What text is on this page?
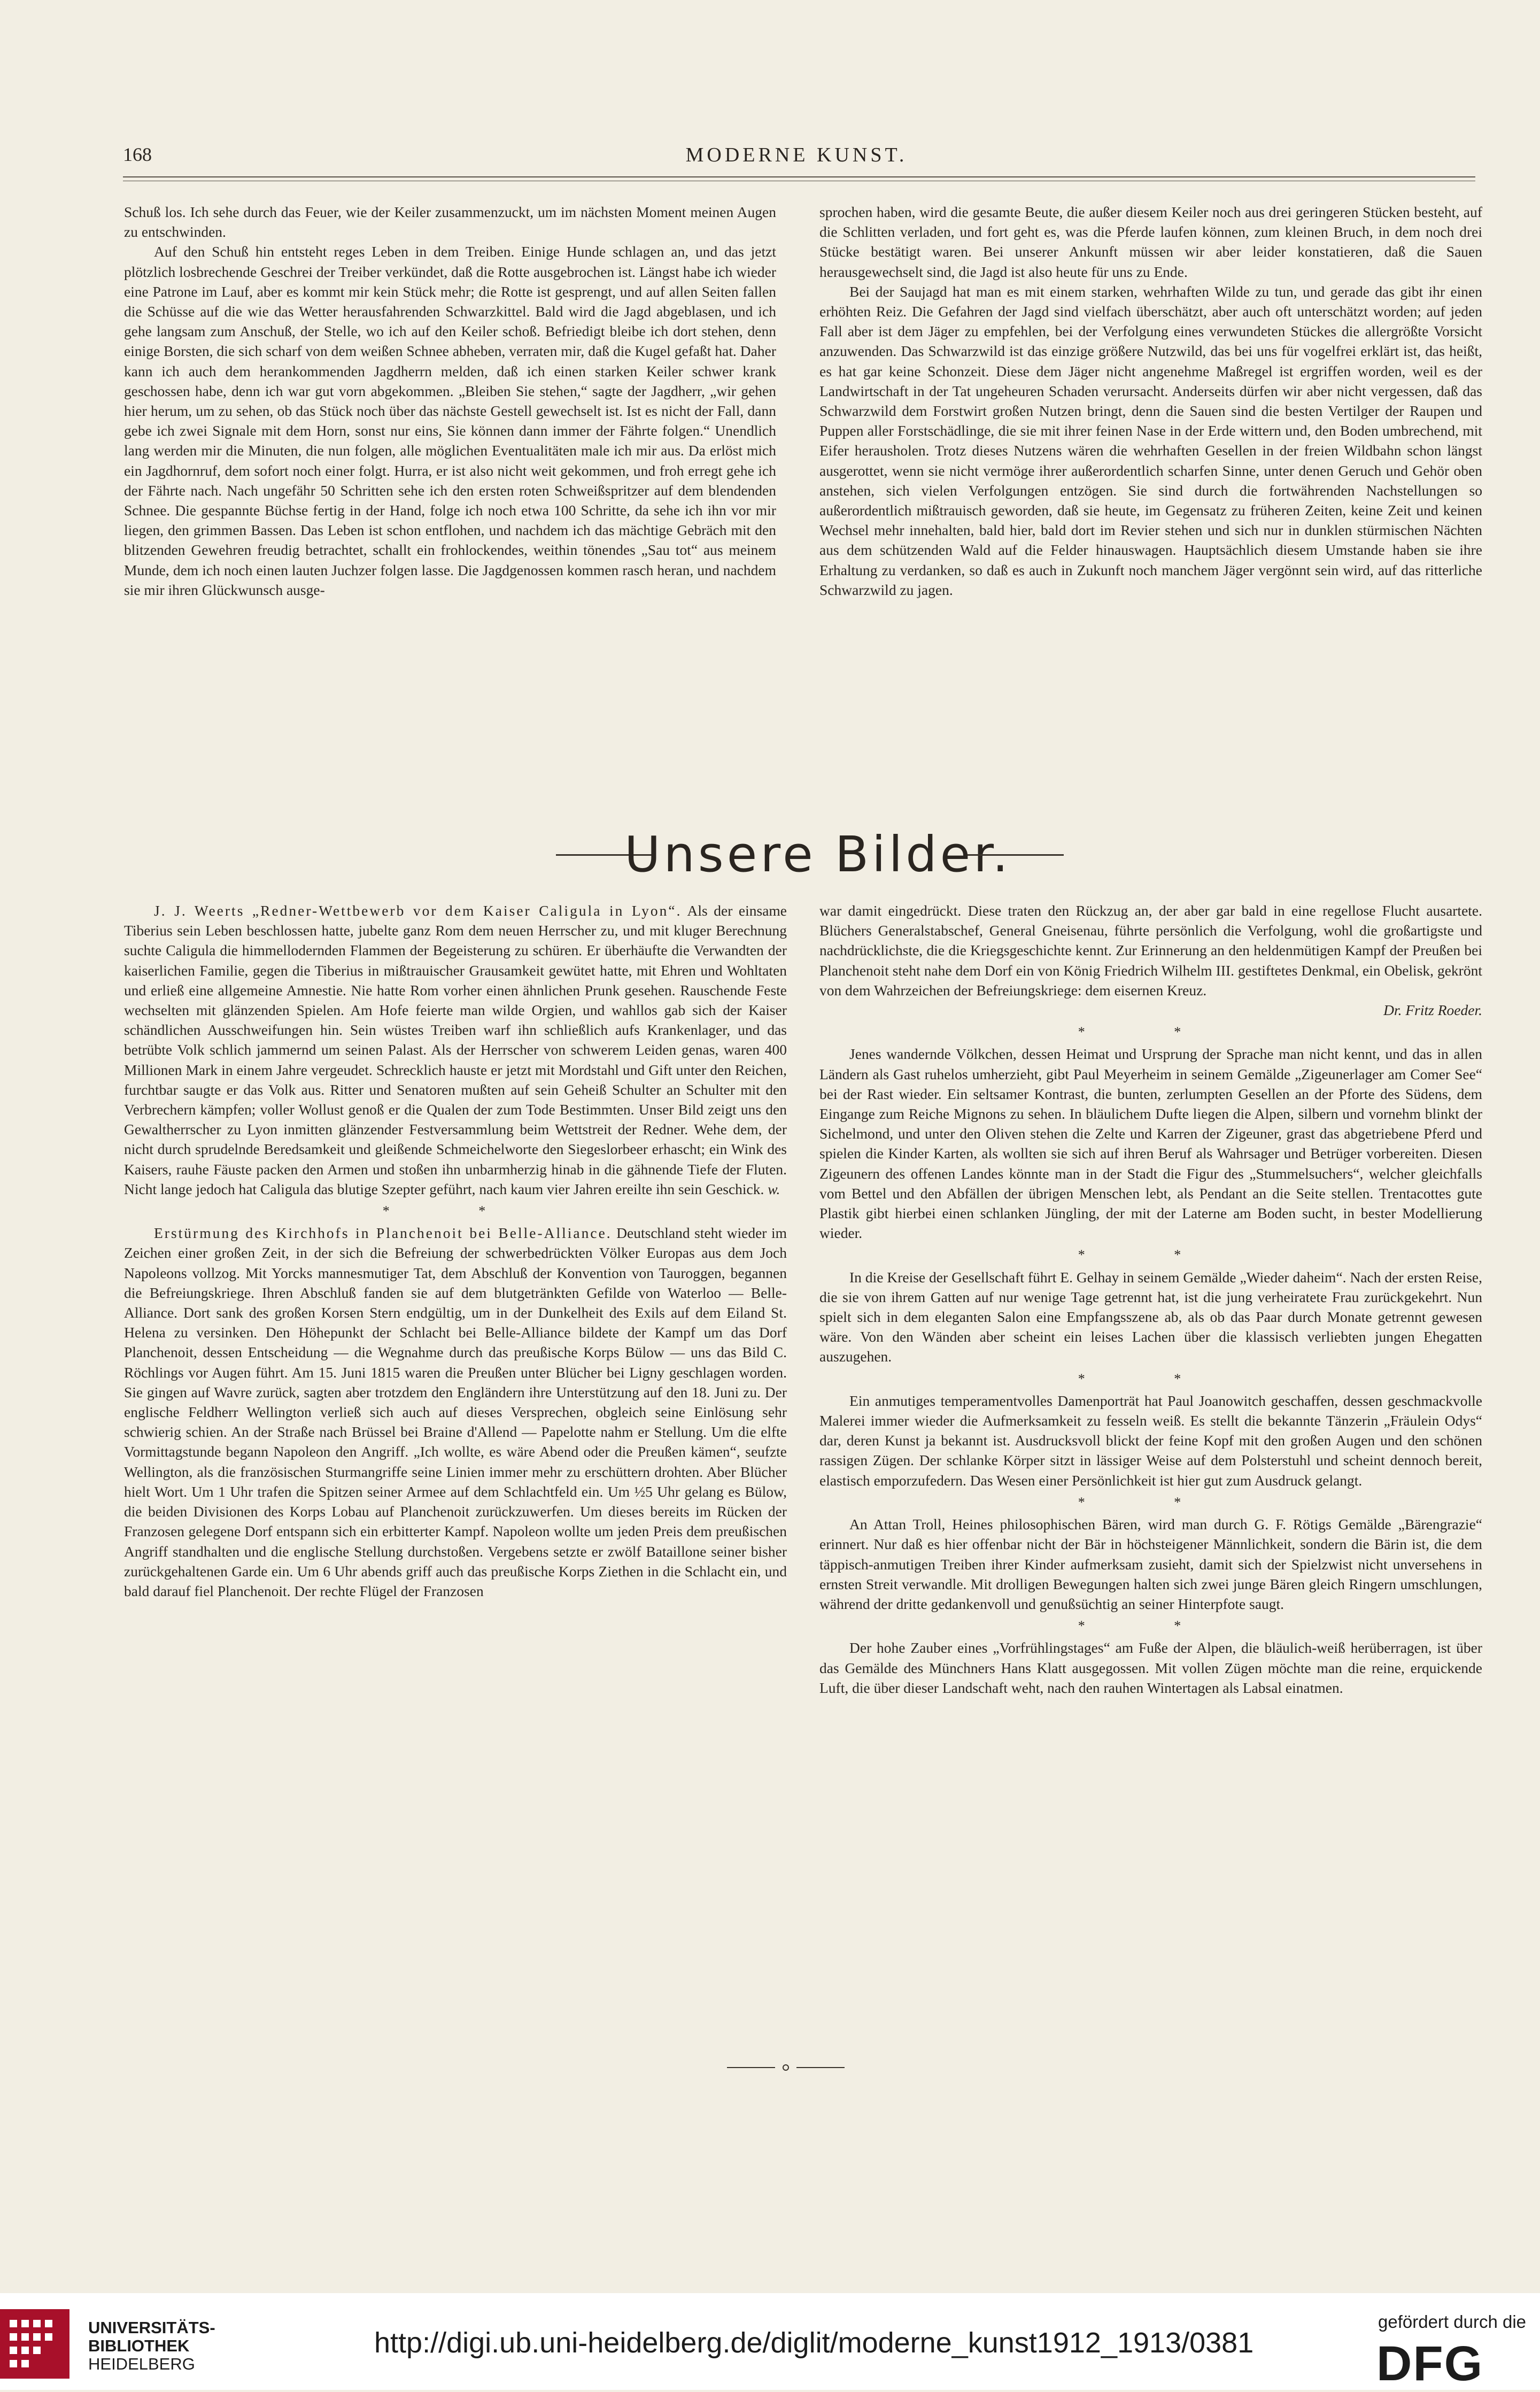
168	MODERNE KUNST.

Schuß los. Ich sehe durch das Feuer, wie der Keiler zusammenzuckt, um im nächsten Moment meinen Augen zu entschwinden.

Auf den Schuß hin entsteht reges Leben in dem Treiben. Einige Hunde schlagen an, und das jetzt plötzlich losbrechende Geschrei der Treiber verkündet, daß die Rotte ausgebrochen ist. Längst habe ich wieder eine Patrone im Lauf, aber es kommt mir kein Stück mehr; die Rotte ist gesprengt, und auf allen Seiten fallen die Schüsse auf die wie das Wetter herausfahrenden Schwarzkittel. Bald wird die Jagd abgeblasen, und ich gehe langsam zum Anschuß, der Stelle, wo ich auf den Keiler schoß. Befriedigt bleibe ich dort stehen, denn einige Borsten, die sich scharf von dem weißen Schnee abheben, verraten mir, daß die Kugel gefaßt hat. Daher kann ich auch dem herankommenden Jagdherrn melden, daß ich einen starken Keiler schwer krank geschossen habe, denn ich war gut vorn abgekommen. „Bleiben Sie stehen,“ sagte der Jagdherr, „wir gehen hier herum, um zu sehen, ob das Stück noch über das nächste Gestell gewechselt ist. Ist es nicht der Fall, dann gebe ich zwei Signale mit dem Horn, sonst nur eins, Sie können dann immer der Fährte folgen.“ Unendlich lang werden mir die Minuten, die nun folgen, alle möglichen Eventualitäten male ich mir aus. Da erlöst mich ein Jagdhornruf, dem sofort noch einer folgt. Hurra, er ist also nicht weit gekommen, und froh erregt gehe ich der Fährte nach. Nach ungefähr 50 Schritten sehe ich den ersten roten Schweißspritzer auf dem blendenden Schnee. Die gespannte Büchse fertig in der Hand, folge ich noch etwa 100 Schritte, da sehe ich ihn vor mir liegen, den grimmen Bassen. Das Leben ist schon entflohen, und nachdem ich das mächtige Gebräch mit den blitzenden Gewehren freudig betrachtet, schallt ein frohlockendes, weithin tönendes „Sau tot“ aus meinem Munde, dem ich noch einen lauten Juchzer folgen lasse. Die Jagdgenossen kommen rasch heran, und nachdem sie mir ihren Glückwunsch ausge-

sprochen haben, wird die gesamte Beute, die außer diesem Keiler noch aus drei geringeren Stücken besteht, auf die Schlitten verladen, und fort geht es, was die Pferde laufen können, zum kleinen Bruch, in dem noch drei Stücke bestätigt waren. Bei unserer Ankunft müssen wir aber leider konstatieren, daß die Sauen herausgewechselt sind, die Jagd ist also heute für uns zu Ende.

Bei der Saujagd hat man es mit einem starken, wehrhaften Wilde zu tun, und gerade das gibt ihr einen erhöhten Reiz. Die Gefahren der Jagd sind vielfach überschätzt, aber auch oft unterschätzt worden; auf jeden Fall aber ist dem Jäger zu empfehlen, bei der Verfolgung eines verwundeten Stückes die allergrößte Vorsicht anzuwenden. Das Schwarzwild ist das einzige größere Nutzwild, das bei uns für vogelfrei erklärt ist, das heißt, es hat gar keine Schonzeit. Diese dem Jäger nicht angenehme Maßregel ist ergriffen worden, weil es der Landwirtschaft in der Tat ungeheuren Schaden verursacht. Anderseits dürfen wir aber nicht vergessen, daß das Schwarzwild dem Forstwirt großen Nutzen bringt, denn die Sauen sind die besten Vertilger der Raupen und Puppen aller Forstschädlinge, die sie mit ihrer feinen Nase in der Erde wittern und, den Boden umbrechend, mit Eifer herausholen. Trotz dieses Nutzens wären die wehrhaften Gesellen in der freien Wildbahn schon längst ausgerottet, wenn sie nicht vermöge ihrer außerordentlich scharfen Sinne, unter denen Geruch und Gehör oben anstehen, sich vielen Verfolgungen entzögen. Sie sind durch die fortwährenden Nachstellungen so außerordentlich mißtrauisch geworden, daß sie heute, im Gegensatz zu früheren Zeiten, keine Zeit und keinen Wechsel mehr innehalten, bald hier, bald dort im Revier stehen und sich nur in dunklen stürmischen Nächten aus dem schützenden Wald auf die Felder hinauswagen. Hauptsächlich diesem Umstande haben sie ihre Erhaltung zu verdanken, so daß es auch in Zukunft noch manchem Jäger vergönnt sein wird, auf das ritterliche Schwarzwild zu jagen.

Unsere Bilder.

J. J. Weerts „Redner-Wettbewerb vor dem Kaiser Caligula in Lyon“. Als der einsame Tiberius sein Leben beschlossen hatte, jubelte ganz Rom dem neuen Herrscher zu, und mit kluger Berechnung suchte Caligula die himmellodernden Flammen der Begeisterung zu schüren. Er überhäufte die Verwandten der kaiserlichen Familie, gegen die Tiberius in mißtrauischer Grausamkeit gewütet hatte, mit Ehren und Wohltaten und erließ eine allgemeine Amnestie. Nie hatte Rom vorher einen ähnlichen Prunk gesehen. Rauschende Feste wechselten mit glänzenden Spielen. Am Hofe feierte man wilde Orgien, und wahllos gab sich der Kaiser schändlichen Ausschweifungen hin. Sein wüstes Treiben warf ihn schließlich aufs Krankenlager, und das betrübte Volk schlich jammernd um seinen Palast. Als der Herrscher von schwerem Leiden genas, waren 400 Millionen Mark in einem Jahre vergeudet. Schrecklich hauste er jetzt mit Mordstahl und Gift unter den Reichen, furchtbar saugte er das Volk aus. Ritter und Senatoren mußten auf sein Geheiß Schulter an Schulter mit den Verbrechern kämpfen; voller Wollust genoß er die Qualen der zum Tode Bestimmten. Unser Bild zeigt uns den Gewaltherrscher zu Lyon inmitten glänzender Festversammlung beim Wettstreit der Redner. Wehe dem, der nicht durch sprudelnde Beredsamkeit und gleißende Schmeichelworte den Siegeslorbeer erhascht; ein Wink des Kaisers, rauhe Fäuste packen den Armen und stoßen ihn unbarmherzig hinab in die gähnende Tiefe der Fluten. Nicht lange jedoch hat Caligula das blutige Szepter geführt, nach kaum vier Jahren ereilte ihn sein Geschick. w.

* *

Erstürmung des Kirchhofs in Planchenoit bei Belle-Alliance. Deutschland steht wieder im Zeichen einer großen Zeit, in der sich die Befreiung der schwerbedrückten Völker Europas aus dem Joch Napoleons vollzog. Mit Yorcks mannesmutiger Tat, dem Abschluß der Konvention von Tauroggen, begannen die Befreiungskriege. Ihren Abschluß fanden sie auf dem blutgetränkten Gefilde von Waterloo — Belle-Alliance. Dort sank des großen Korsen Stern endgültig, um in der Dunkelheit des Exils auf dem Eiland St. Helena zu versinken. Den Höhepunkt der Schlacht bei Belle-Alliance bildete der Kampf um das Dorf Planchenoit, dessen Entscheidung — die Wegnahme durch das preußische Korps Bülow — uns das Bild C. Röchlings vor Augen führt. Am 15. Juni 1815 waren die Preußen unter Blücher bei Ligny geschlagen worden. Sie gingen auf Wavre zurück, sagten aber trotzdem den Engländern ihre Unterstützung auf den 18. Juni zu. Der englische Feldherr Wellington verließ sich auch auf dieses Versprechen, obgleich seine Einlösung sehr schwierig schien. An der Straße nach Brüssel bei Braine d'Allend — Papelotte nahm er Stellung. Um die elfte Vormittagstunde begann Napoleon den Angriff. „Ich wollte, es wäre Abend oder die Preußen kämen“, seufzte Wellington, als die französischen Sturmangriffe seine Linien immer mehr zu erschüttern drohten. Aber Blücher hielt Wort. Um 1 Uhr trafen die Spitzen seiner Armee auf dem Schlachtfeld ein. Um ½5 Uhr gelang es Bülow, die beiden Divisionen des Korps Lobau auf Planchenoit zurückzuwerfen. Um dieses bereits im Rücken der Franzosen gelegene Dorf entspann sich ein erbitterter Kampf. Napoleon wollte um jeden Preis dem preußischen Angriff standhalten und die englische Stellung durchstoßen. Vergebens setzte er zwölf Bataillone seiner bisher zurückgehaltenen Garde ein. Um 6 Uhr abends griff auch das preußische Korps Ziethen in die Schlacht ein, und bald darauf fiel Planchenoit. Der rechte Flügel der Franzosen

war damit eingedrückt. Diese traten den Rückzug an, der aber gar bald in eine regellose Flucht ausartete. Blüchers Generalstabschef, General Gneisenau, führte persönlich die Verfolgung, wohl die großartigste und nachdrücklichste, die die Kriegsgeschichte kennt. Zur Erinnerung an den heldenmütigen Kampf der Preußen bei Planchenoit steht nahe dem Dorf ein von König Friedrich Wilhelm III. gestiftetes Denkmal, ein Obelisk, gekrönt von dem Wahrzeichen der Befreiungskriege: dem eisernen Kreuz.

Dr. Fritz Roeder.
* *

Jenes wandernde Völkchen, dessen Heimat und Ursprung der Sprache man nicht kennt, und das in allen Ländern als Gast ruhelos umherzieht, gibt Paul Meyerheim in seinem Gemälde „Zigeunerlager am Comer See“ bei der Rast wieder. Ein seltsamer Kontrast, die bunten, zerlumpten Gesellen an der Pforte des Südens, dem Eingange zum Reiche Mignons zu sehen. In bläulichem Dufte liegen die Alpen, silbern und vornehm blinkt der Sichelmond, und unter den Oliven stehen die Zelte und Karren der Zigeuner, grast das abgetriebene Pferd und spielen die Kinder Karten, als wollten sie sich auf ihren Beruf als Wahrsager und Betrüger vorbereiten. Diesen Zigeunern des offenen Landes könnte man in der Stadt die Figur des „Stummelsuchers“, welcher gleichfalls vom Bettel und den Abfällen der übrigen Menschen lebt, als Pendant an die Seite stellen. Trentacottes gute Plastik gibt hierbei einen schlanken Jüngling, der mit der Laterne am Boden sucht, in bester Modellierung wieder.

* *

In die Kreise der Gesellschaft führt E. Gelhay in seinem Gemälde „Wieder daheim“. Nach der ersten Reise, die sie von ihrem Gatten auf nur wenige Tage getrennt hat, ist die jung verheiratete Frau zurückgekehrt. Nun spielt sich in dem eleganten Salon eine Empfangsszene ab, als ob das Paar durch Monate getrennt gewesen wäre. Von den Wänden aber scheint ein leises Lachen über die klassisch verliebten jungen Ehegatten auszugehen.

* *

Ein anmutiges temperamentvolles Damenporträt hat Paul Joanowitch geschaffen, dessen geschmackvolle Malerei immer wieder die Aufmerksamkeit zu fesseln weiß. Es stellt die bekannte Tänzerin „Fräulein Odys“ dar, deren Kunst ja bekannt ist. Ausdrucksvoll blickt der feine Kopf mit den großen Augen und den schönen rassigen Zügen. Der schlanke Körper sitzt in lässiger Weise auf dem Polsterstuhl und scheint dennoch bereit, elastisch emporzufedern. Das Wesen einer Persönlichkeit ist hier gut zum Ausdruck gelangt.

* *

An Attan Troll, Heines philosophischen Bären, wird man durch G. F. Rötigs Gemälde „Bärengrazie“ erinnert. Nur daß es hier offenbar nicht der Bär in höchsteigener Männlichkeit, sondern die Bärin ist, die dem täppisch-anmutigen Treiben ihrer Kinder aufmerksam zusieht, damit sich der Spielzwist nicht unversehens in ernsten Streit verwandle. Mit drolligen Bewegungen halten sich zwei junge Bären gleich Ringern umschlungen, während der dritte gedankenvoll und genußsüchtig an seiner Hinterpfote saugt.

* *

Der hohe Zauber eines „Vorfrühlingstages“ am Fuße der Alpen, die bläulich-weiß herüberragen, ist über das Gemälde des Münchners Hans Klatt ausgegossen. Mit vollen Zügen möchte man die reine, erquickende Luft, die über dieser Landschaft weht, nach den rauhen Wintertagen als Labsal einatmen.

UNIVERSITÄTS-
BIBLIOTHEK
HEIDELBERG
http://digi.ub.uni-heidelberg.de/diglit/moderne_kunst1912_1913/0381
gefördert durch die
DFG
